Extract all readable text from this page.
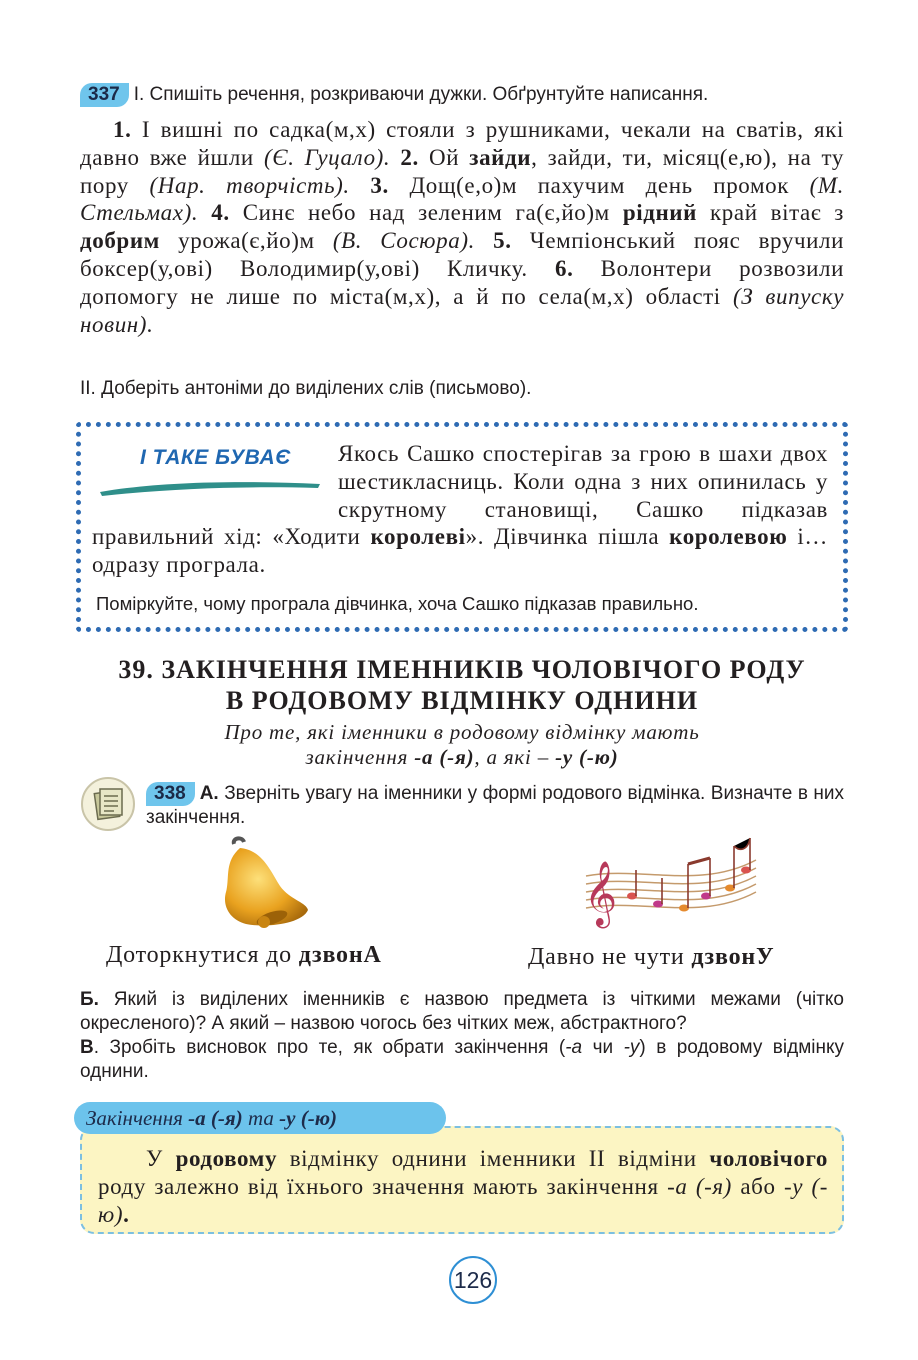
337 І. Спишіть речення, розкриваючи дужки. Обґрунтуйте написання.

1. І вишні по садка(м,х) стояли з рушниками, чекали на сватів, які давно вже йшли (Є. Гуцало). 2. Ой зайди, зайди, ти, місяц(е,ю), на ту пору (Нар. творчість). 3. Дощ(е,о)м пахучим день промок (М. Стельмах). 4. Синє небо над зеленим га(є,йо)м рідний край вітає з добрим урожа(є,йо)м (В. Сосюра). 5. Чемпіонський пояс вручили боксер(у,ові) Володимир(у,ові) Кличку. 6. Волонтери розвозили допомогу не лише по міста(м,х), а й по села(м,х) області (З випуску новин).

ІІ. Доберіть антоніми до виділених слів (письмово).
І ТАКЕ БУВАЄ	Якось Сашко спостерігав за грою в шахи двох шестикласниць. Коли одна з них опинилась у скрутному становищі, Сашко підказав правильний хід: «Ходити королеві». Дівчинка пішла королевою і… одразу програла.
Поміркуйте, чому програла дівчинка, хоча Сашко підказав правильно.
39. ЗАКІНЧЕННЯ ІМЕННИКІВ ЧОЛОВІЧОГО РОДУ
В РОДОВОМУ ВІДМІНКУ ОДНИНИ
Про те, які іменники в родовому відмінку мають
закінчення -а (-я), а які – -у (-ю)
338 А. Зверніть увагу на іменники у формі родового відмінка. Визначте в них закінчення.
𝄞
Доторкнутися до дзвонА	Давно не чути дзвонУ
Б. Який із виділених іменників є назвою предмета із чіткими межами (чітко окресленого)? А який – назвою чогось без чітких меж, абстрактного?
В. Зробіть висновок про те, як обрати закінчення (-а чи -у) в родовому відмінку однини.
Закінчення -а (-я) та -у (-ю)

У родовому відмінку однини іменники ІІ відміни чоловічого роду залежно від їхнього значення мають закінчення -а (-я) або -у (-ю).

126
